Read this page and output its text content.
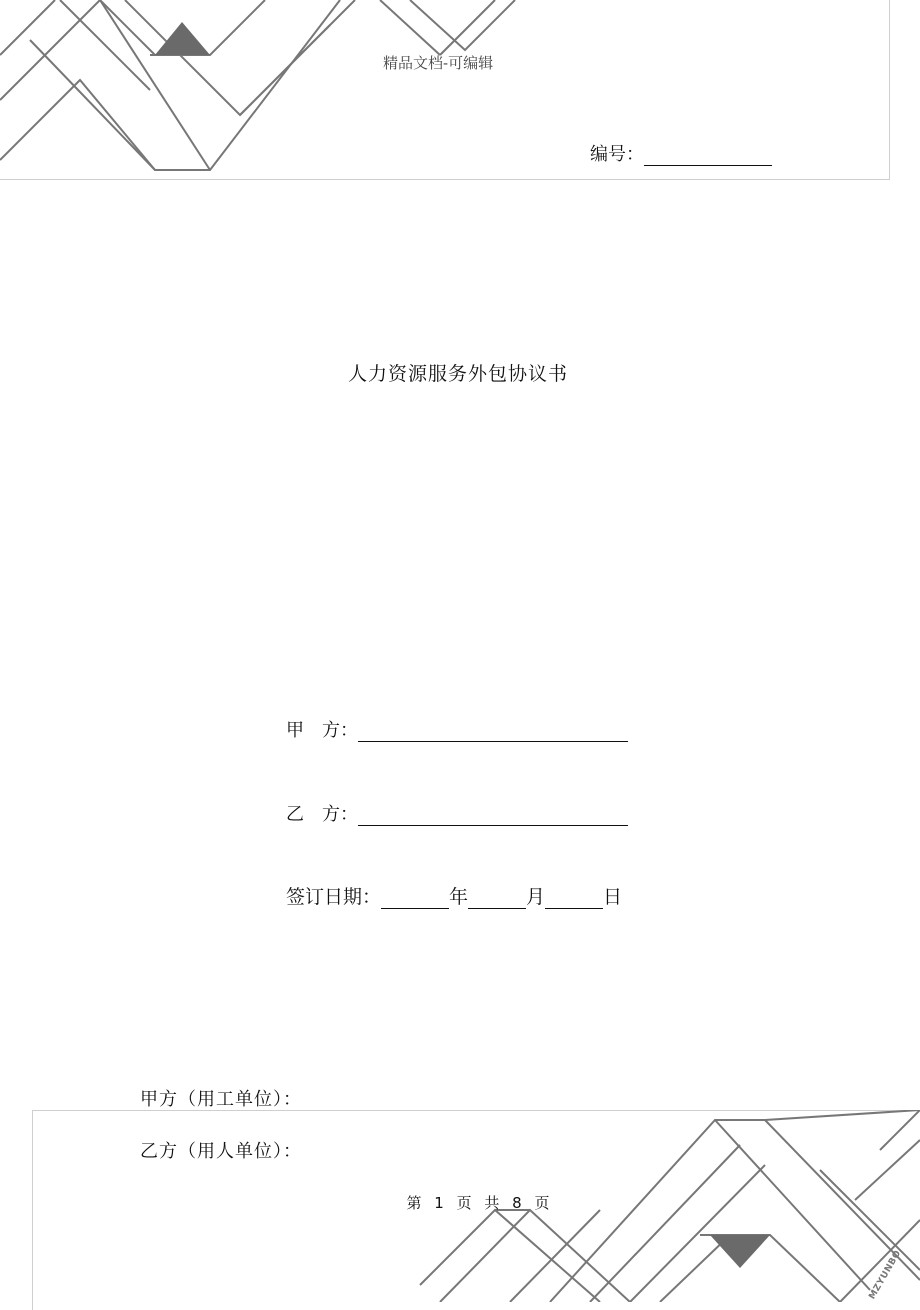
精品文档-可编辑
编号：
人力资源服务外包协议书
甲　方：
乙　方：
签订日期：	年	月	日
甲方（用工单位）：
MZYUNBO
乙方（用人单位）：
第 1 页 共 8 页
